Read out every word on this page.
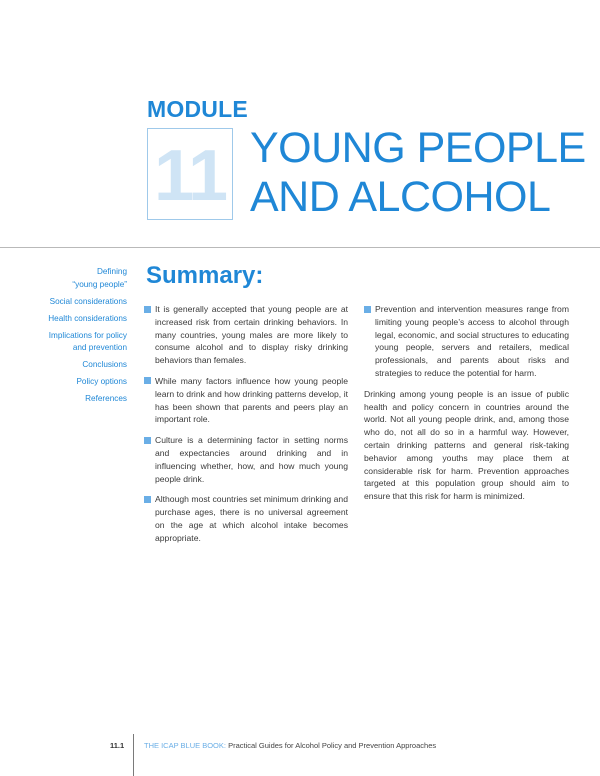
MODULE
11 YOUNG PEOPLE
AND ALCOHOL
Defining
“young people”
Social considerations
Health considerations
Implications for policy
and prevention
Conclusions
Policy options
References
Summary:
It is generally accepted that young people are at increased risk from certain drinking behaviors. In many countries, young males are more likely to consume alcohol and to display risky drinking behaviors than females.
While many factors influence how young people learn to drink and how drinking patterns develop, it has been shown that parents and peers play an important role.
Culture is a determining factor in setting norms and expectancies around drinking and in influencing whether, how, and how much young people drink.
Although most countries set minimum drinking and purchase ages, there is no universal agreement on the age at which alcohol intake becomes appropriate.
Prevention and intervention measures range from limiting young people’s access to alcohol through legal, economic, and social structures to educating young people, servers and retailers, medical professionals, and parents about risks and strategies to reduce the potential for harm.

Drinking among young people is an issue of public health and policy concern in countries around the world. Not all young people drink, and, among those who do, not all do so in a harmful way. However, certain drinking patterns and general risk-taking behavior among youths may place them at considerable risk for harm. Prevention approaches targeted at this population group should aim to ensure that this risk for harm is minimized.

11.1	THE ICAP BLUE BOOK: Practical Guides for Alcohol Policy and Prevention Approaches
